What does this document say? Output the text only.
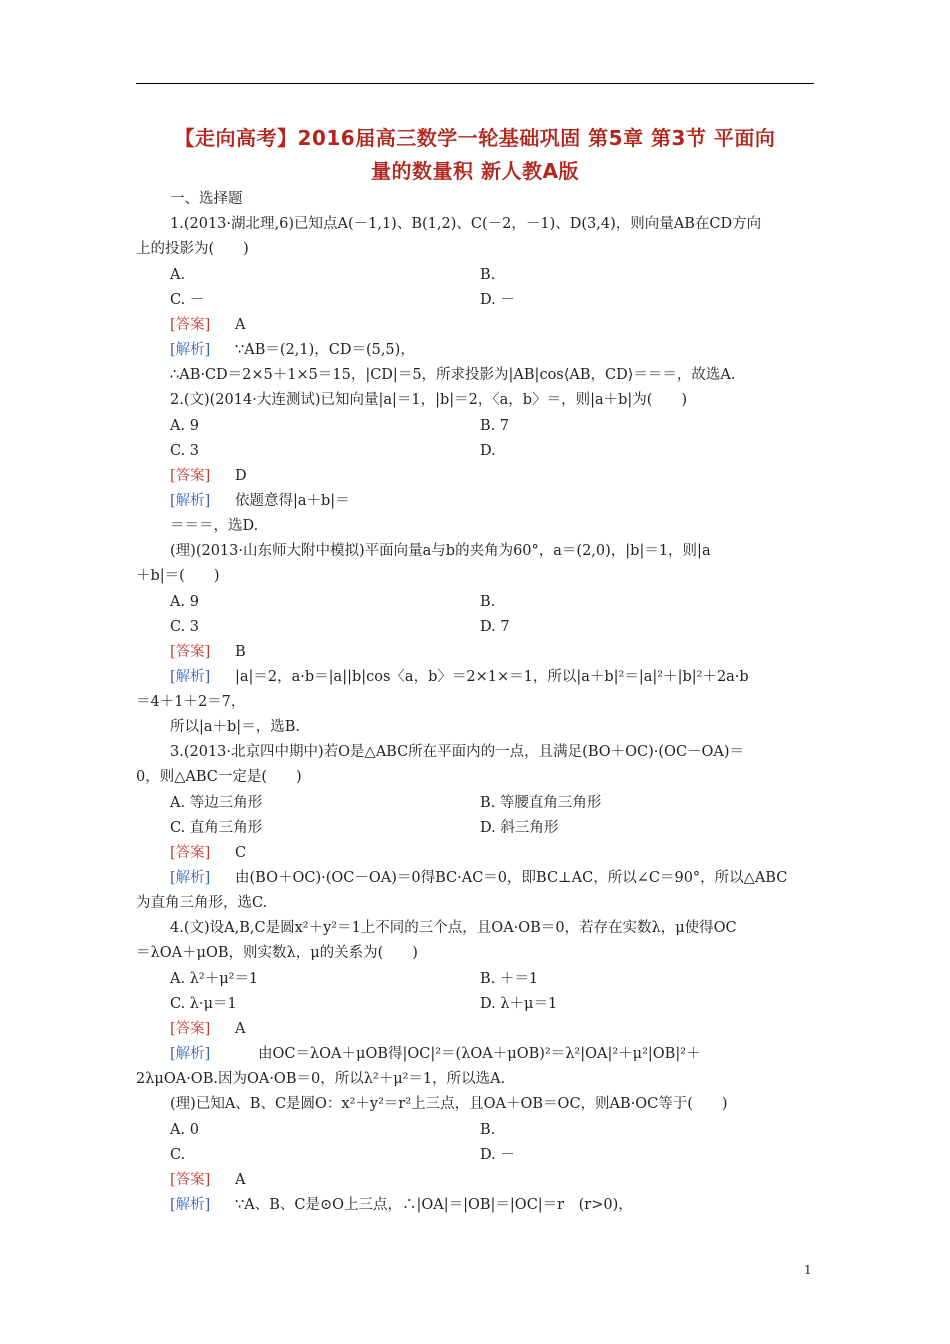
【走向高考】2016届高三数学一轮基础巩固 第5章 第3节 平面向
量的数量积 新人教A版
一、选择题
1.(2013·湖北理,6)已知点A(－1,1)、B(1,2)、C(－2，－1)、D(3,4)，则向量AB在CD方向
上的投影为(　　)
A.	B.
C. －	D. －
[答案] A
[解析] ∵AB＝(2,1)，CD＝(5,5)，
∴AB·CD＝2×5＋1×5＝15，|CD|＝5，所求投影为|AB|cos⟨AB，CD⟩＝＝＝，故选A.
2.(文)(2014·大连测试)已知向量|a|＝1，|b|＝2，〈a，b〉＝，则|a＋b|为(　　)
A. 9	B. 7
C. 3	D.
[答案] D
[解析] 依题意得|a＋b|＝
＝＝＝，选D.
(理)(2013·山东师大附中模拟)平面向量a与b的夹角为60°，a＝(2,0)，|b|＝1，则|a
＋b|＝(　　)
A. 9	B.
C. 3	D. 7
[答案] B
[解析] |a|＝2，a·b＝|a||b|cos〈a，b〉＝2×1×＝1，所以|a＋b|²＝|a|²＋|b|²＋2a·b
＝4＋1＋2＝7，
所以|a＋b|＝，选B.
3.(2013·北京四中期中)若O是△ABC所在平面内的一点，且满足(BO＋OC)·(OC－OA)＝
0，则△ABC一定是(　　)
A. 等边三角形	B. 等腰直角三角形
C. 直角三角形	D. 斜三角形
[答案] C
[解析] 由(BO＋OC)·(OC－OA)＝0得BC·AC＝0，即BC⊥AC，所以∠C＝90°，所以△ABC
为直角三角形，选C.
4.(文)设A,B,C是圆x²＋y²＝1上不同的三个点，且OA·OB＝0，若存在实数λ，μ使得OC
＝λOA＋μOB，则实数λ，μ的关系为(　　)
A. λ²＋μ²＝1	B. ＋＝1
C. λ·μ＝1	D. λ＋μ＝1
[答案] A
[解析]	由OC＝λOA＋μOB得|OC|²＝(λOA＋μOB)²＝λ²|OA|²＋μ²|OB|²＋
2λμOA·OB.因为OA·OB＝0，所以λ²＋μ²＝1，所以选A.
(理)已知A、B、C是圆O：x²＋y²＝r²上三点，且OA＋OB＝OC，则AB·OC等于(　　)
A. 0	B.
C.	D. －
[答案] A
[解析] ∵A、B、C是⊙O上三点，∴|OA|＝|OB|＝|OC|＝r　(r>0)，
1
